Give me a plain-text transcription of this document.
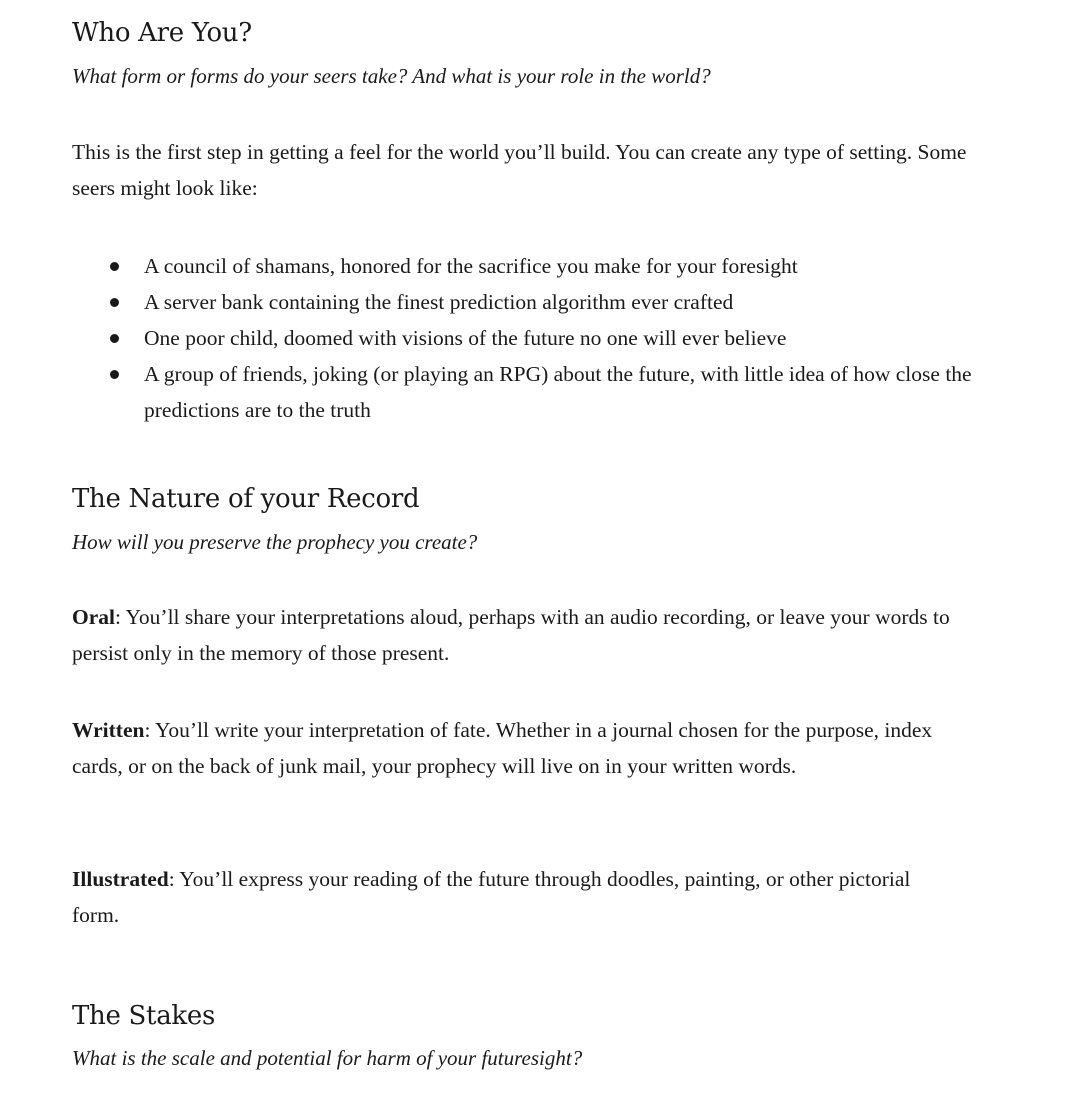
Who Are You?

What form or forms do your seers take? And what is your role in the world?

This is the first step in getting a feel for the world you’ll build. You can create any type of setting. Some seers might look like:

A council of shamans, honored for the sacrifice you make for your foresight
A server bank containing the finest prediction algorithm ever crafted
One poor child, doomed with visions of the future no one will ever believe
A group of friends, joking (or playing an RPG) about the future, with little idea of how close the predictions are to the truth
The Nature of your Record

How will you preserve the prophecy you create?

Oral: You’ll share your interpretations aloud, perhaps with an audio recording, or leave your words to persist only in the memory of those present.

Written: You’ll write your interpretation of fate. Whether in a journal chosen for the purpose, index cards, or on the back of junk mail, your prophecy will live on in your written words.

Illustrated: You’ll express your reading of the future through doodles, painting, or other pictorial form.

The Stakes

What is the scale and potential for harm of your futuresight?
